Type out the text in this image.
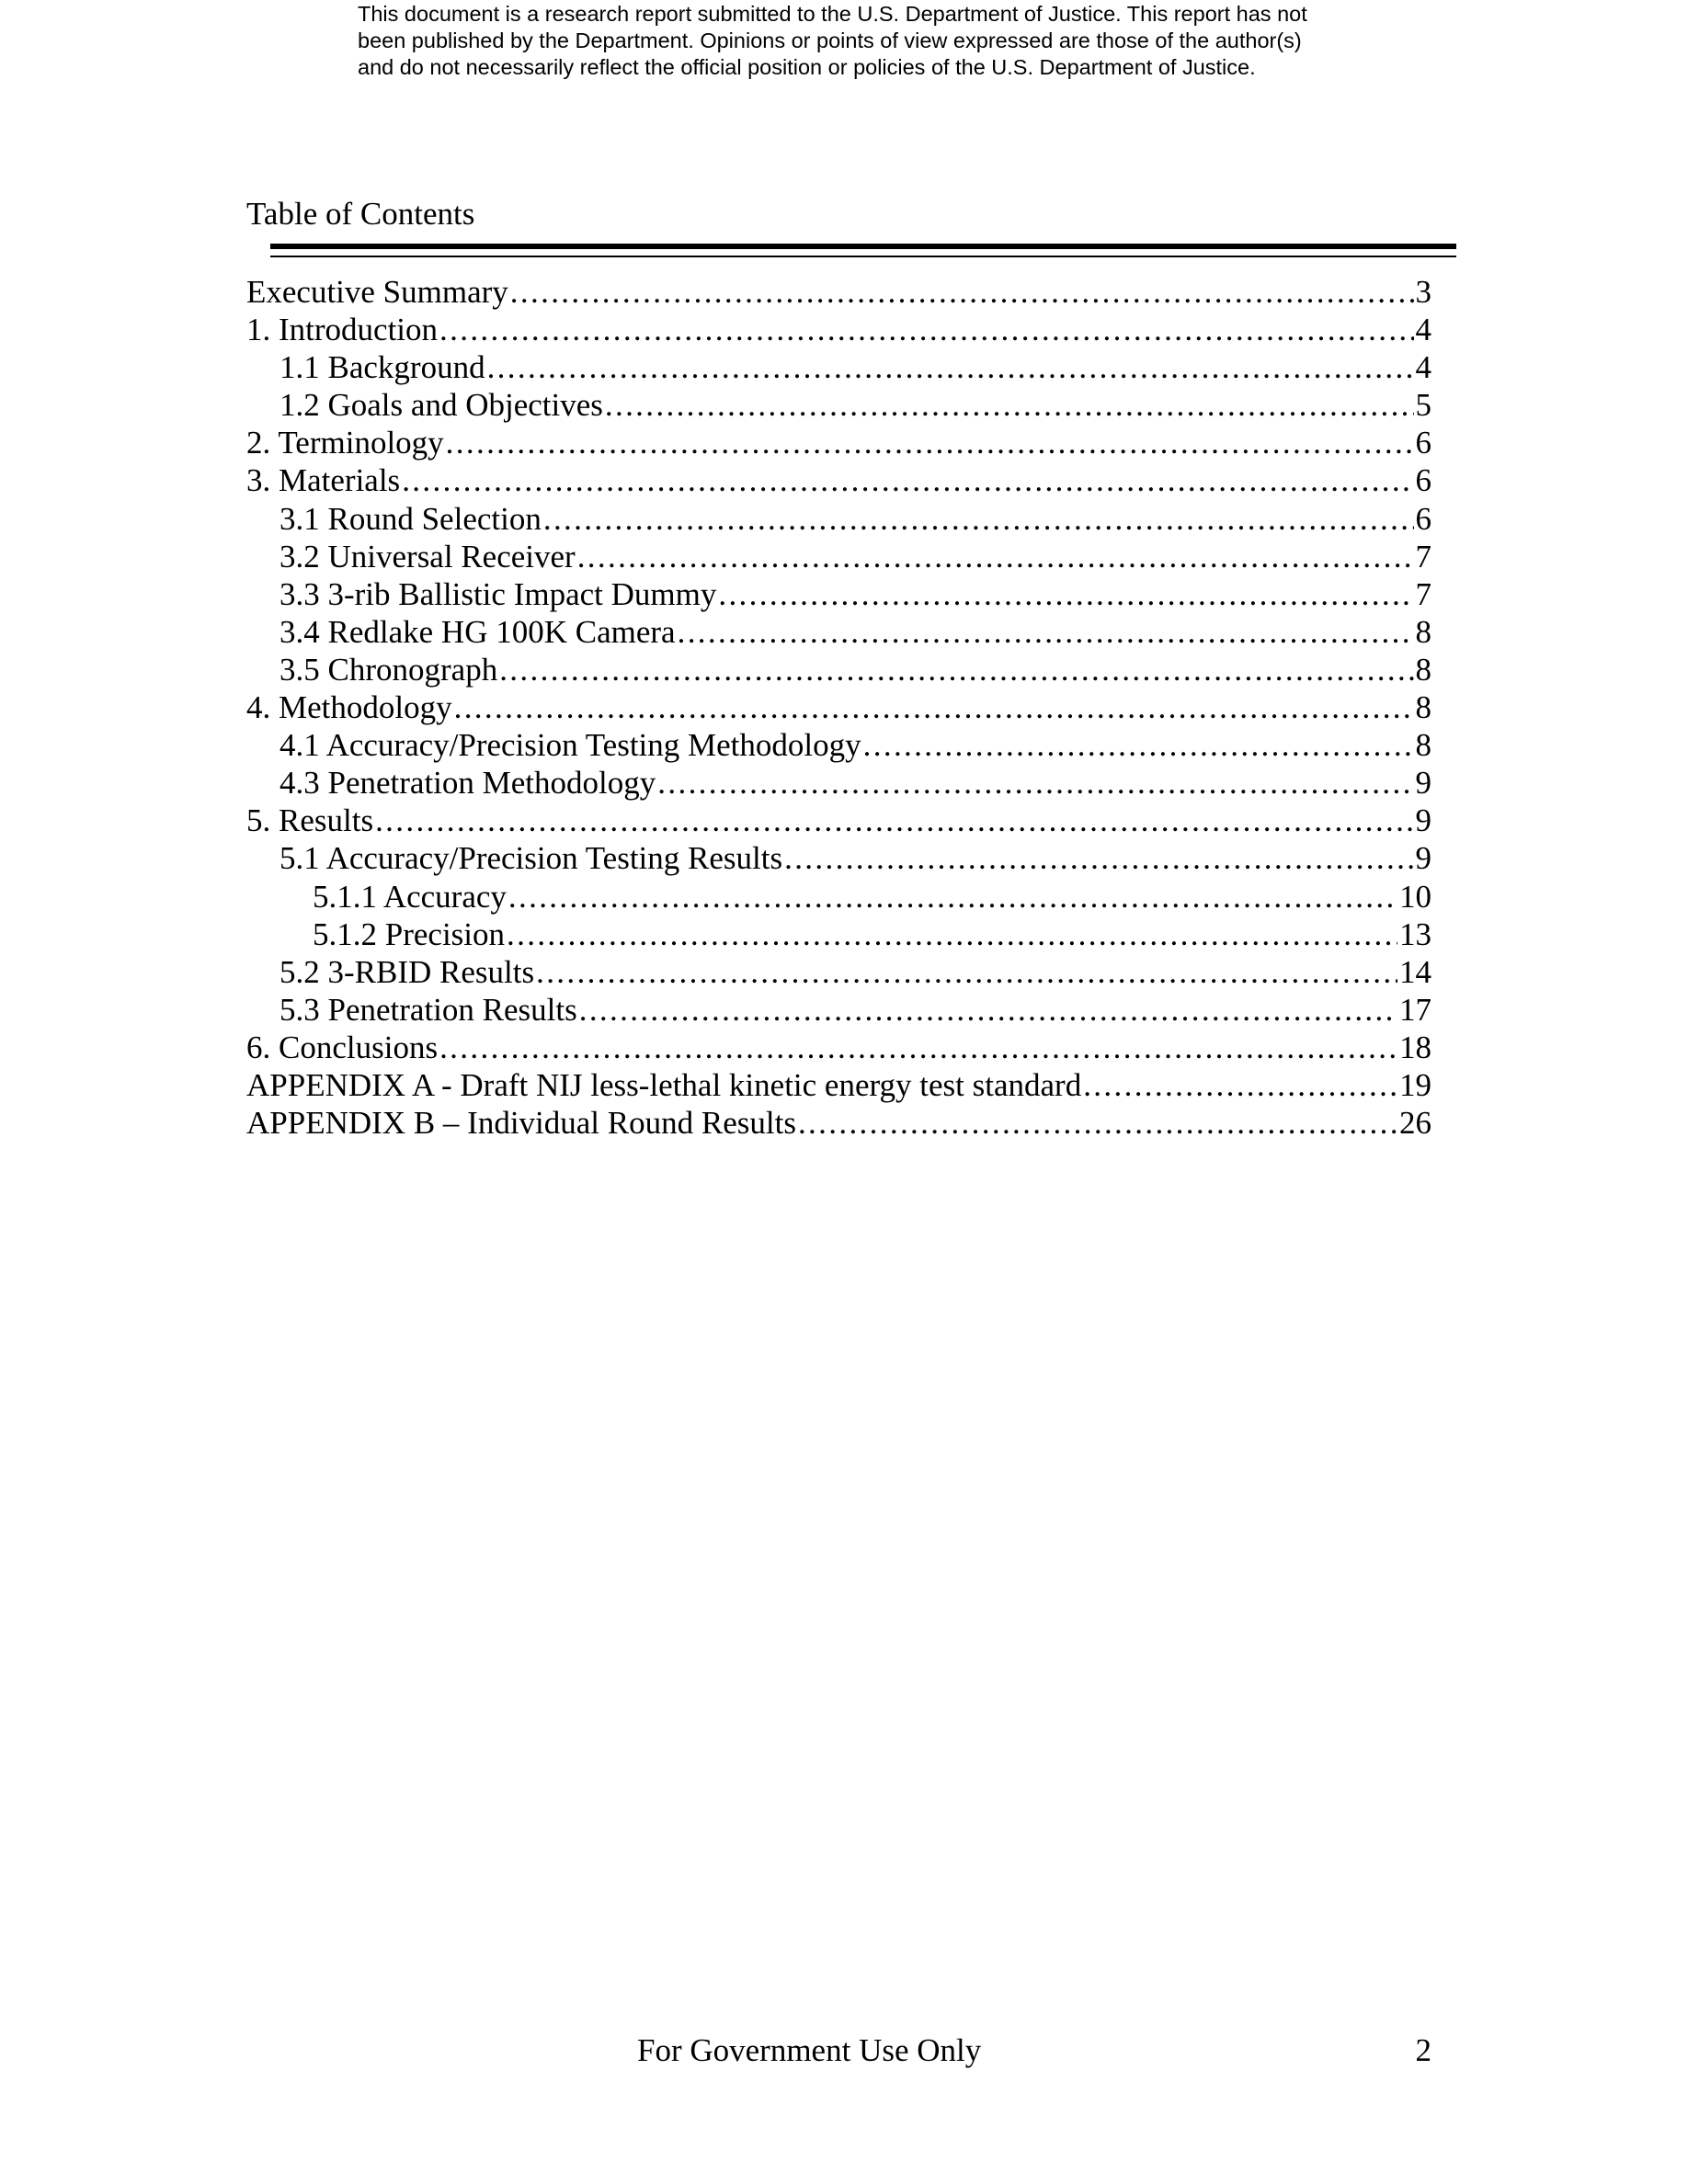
This document is a research report submitted to the U.S. Department of Justice. This report has not
been published by the Department. Opinions or points of view expressed are those of the author(s)
and do not necessarily reflect the official position or policies of the U.S. Department of Justice.
Table of Contents
Executive Summary . . .	3
1. Introduction . . .	4
1.1 Background . . .	4
1.2 Goals and Objectives . . .	5
2. Terminology . . .	6
3. Materials . . .	6
3.1 Round Selection . . .	6
3.2 Universal Receiver . . .	7
3.3 3-rib Ballistic Impact Dummy . . .	7
3.4 Redlake HG 100K Camera . . .	8
3.5 Chronograph . . .	8
4. Methodology . . .	8
4.1 Accuracy/Precision Testing Methodology . . .	8
4.3 Penetration Methodology . . .	9
5. Results . . .	9
5.1 Accuracy/Precision Testing Results . . .	9
5.1.1 Accuracy . . .	10
5.1.2 Precision . . .	13
5.2 3-RBID Results . . .	14
5.3 Penetration Results . . .	17
6. Conclusions . . .	18
APPENDIX A - Draft NIJ less-lethal kinetic energy test standard . . .	19
APPENDIX B – Individual Round Results . . .	26
For Government Use Only	2
